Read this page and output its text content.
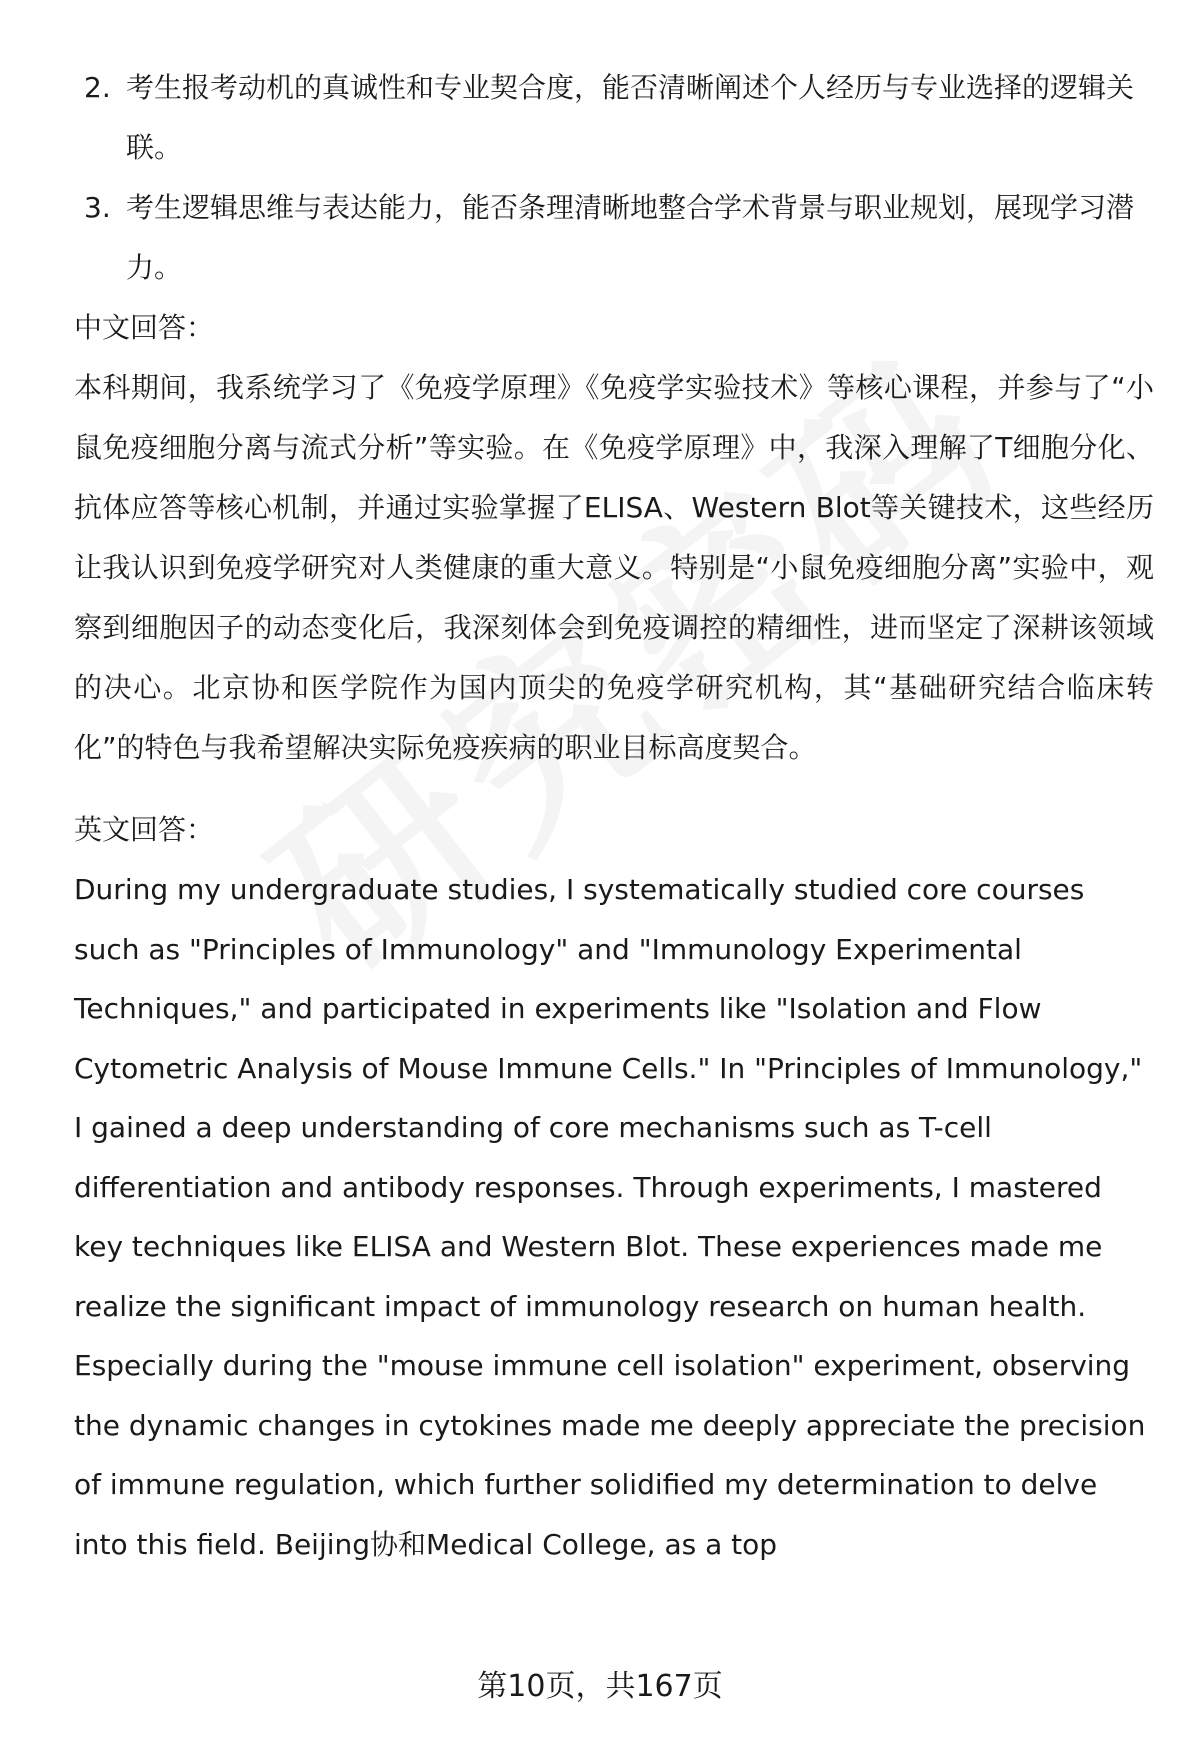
2. 考生报考动机的真诚性和专业契合度，能否清晰阐述个人经历与专业选择的逻辑关联。
3. 考生逻辑思维与表达能力，能否条理清晰地整合学术背景与职业规划，展现学习潜力。
中文回答：
本科期间，我系统学习了《免疫学原理》《免疫学实验技术》等核心课程，并参与了“小鼠免疫细胞分离与流式分析”等实验。在《免疫学原理》中，我深入理解了T细胞分化、抗体应答等核心机制，并通过实验掌握了ELISA、Western Blot等关键技术，这些经历让我认识到免疫学研究对人类健康的重大意义。特别是“小鼠免疫细胞分离”实验中，观察到细胞因子的动态变化后，我深刻体会到免疫调控的精细性，进而坚定了深耕该领域的决心。北京协和医学院作为国内顶尖的免疫学研究机构，其“基础研究结合临床转化”的特色与我希望解决实际免疫疾病的职业目标高度契合。
英文回答：
During my undergraduate studies, I systematically studied core courses such as "Principles of Immunology" and "Immunology Experimental Techniques," and participated in experiments like "Isolation and Flow Cytometric Analysis of Mouse Immune Cells." In "Principles of Immunology," I gained a deep understanding of core mechanisms such as T-cell differentiation and antibody responses. Through experiments, I mastered key techniques like ELISA and Western Blot. These experiences made me realize the significant impact of immunology research on human health. Especially during the "mouse immune cell isolation" experiment, observing the dynamic changes in cytokines made me deeply appreciate the precision of immune regulation, which further solidified my determination to delve into this field. Beijing协和Medical College, as a top
第10页，共167页
